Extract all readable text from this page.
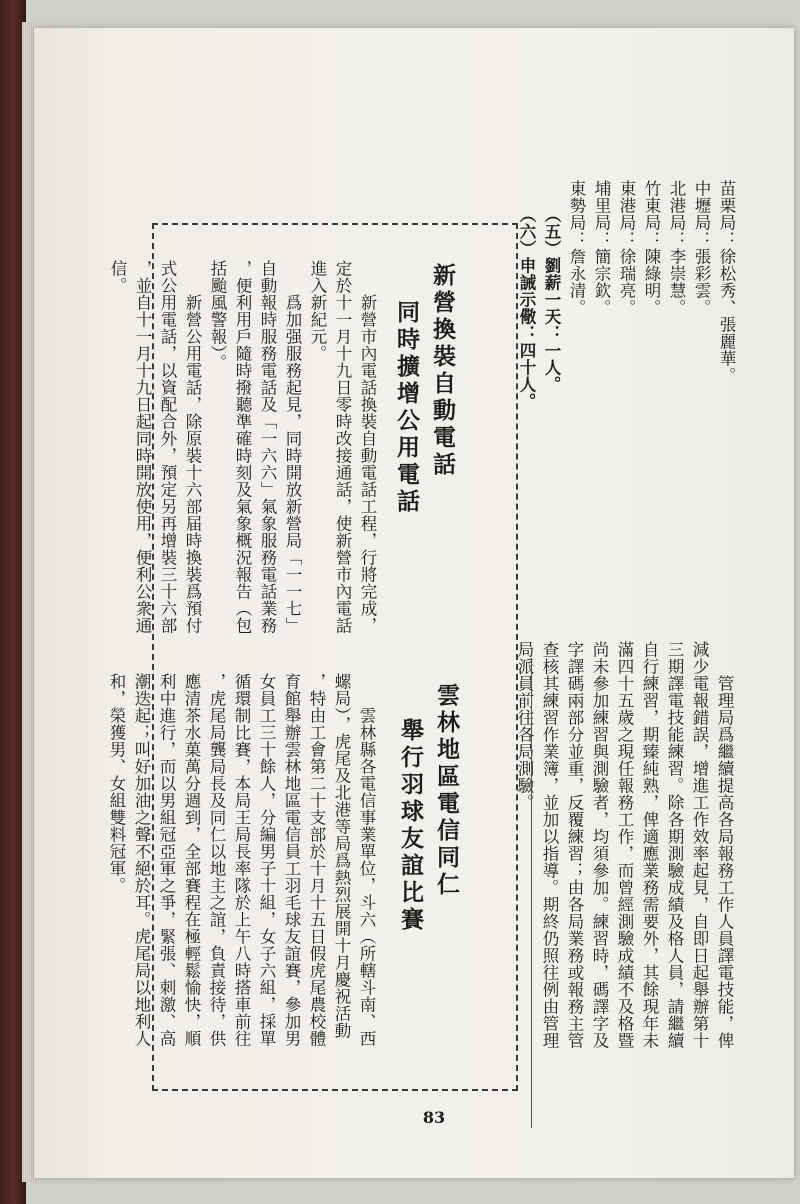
苗栗局：徐松秀、張麗華。
中壢局：張彩雲。
北港局：李崇慧。
竹東局：陳綠明。
東港局：徐瑞亮。
埔里局：簡宗欽。
東勢局：詹永清。
（五）劉薪一天：一人。
（六）申誡示儆：四十人。
　　管理局爲繼續提高各局報務工作人員譯電技能，俾
減少電報錯誤，增進工作效率起見，自即日起舉辦第十
三期譯電技能練習。除各期測驗成績及格人員，請繼續
自行練習，期臻純熟，俾適應業務需要外，其餘現年未
滿四十五歲之現任報務工作，而曾經測驗成績不及格暨
尚未參加練習與測驗者，均須參加。練習時，碼譯字及
字譯碼兩部分並重，反覆練習；由各局業務或報務主管
查核其練習作業簿，並加以指導。期終仍照往例由管理
局派員前往各局測驗。
新營換裝自動電話
同時擴增公用電話
　　新營市內電話換裝自動電話工程，行將完成，
定於十一月十九日零時改接通話，使新營市內電話
進入新紀元。
　　爲加强服務起見，同時開放新營局「一一七」
自動報時服務電話及「一六六」氣象服務電話業務
，便利用戶隨時撥聽準確時刻及氣象概況報告（包
括颱風警報）。
　　新營公用電話，除原裝十六部届時換裝爲預付
式公用電話，以資配合外，預定另再增裝三十六部
，並自十一月十九日起同時開放使用，便利公衆通
信。
雲林地區電信同仁
舉行羽球友誼比賽
　　雲林縣各電信事業單位，斗六（所轄斗南、西
螺局），虎尾及北港等局爲熱烈展開十月慶祝活動
，特由工會第二十支部於十月十五日假虎尾農校體
育館舉辦雲林地區電信員工羽毛球友誼賽，參加男
女員工三十餘人，分編男子十組，女子六組，採單
循環制比賽，本局王局長率隊於上午八時搭車前往
，虎尾局龔局長及同仁以地主之誼，負責接待，供
應清茶水菓萬分週到，全部賽程在極輕鬆愉快，順
利中進行，而以男組冠亞軍之爭，緊張、刺激、高
潮迭起；叫好加油之聲不絕於耳。虎尾局以地利人
和，榮獲男、女組雙料冠軍。
83
